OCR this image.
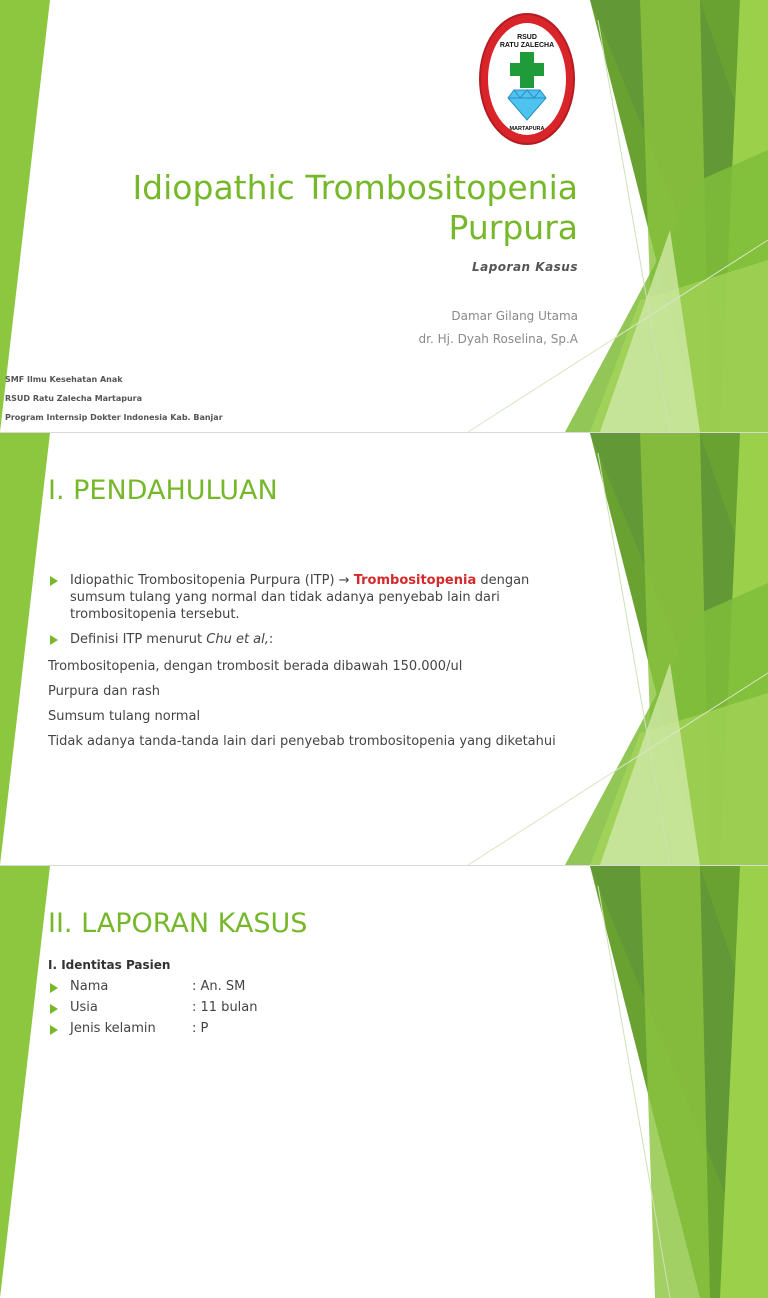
RSUD
RATU ZALECHA
MARTAPURA
Idiopathic Trombositopenia Purpura
Laporan Kasus
Damar Gilang Utama
dr. Hj. Dyah Roselina, Sp.A
SMF Ilmu Kesehatan Anak
RSUD Ratu Zalecha Martapura
Program Internsip Dokter Indonesia Kab. Banjar
I. PENDAHULUAN
Idiopathic Trombositopenia Purpura (ITP) → Trombositopenia dengan sumsum tulang yang normal dan tidak adanya penyebab lain dari trombositopenia tersebut.
Definisi ITP menurut Chu et al,:

Trombositopenia, dengan trombosit berada dibawah 150.000/ul

Purpura dan rash

Sumsum tulang normal

Tidak adanya tanda-tanda lain dari penyebab trombositopenia yang diketahui

II. LAPORAN KASUS
I. Identitas Pasien
Nama	: An. SM
Usia	: 11 bulan
Jenis kelamin	: P
